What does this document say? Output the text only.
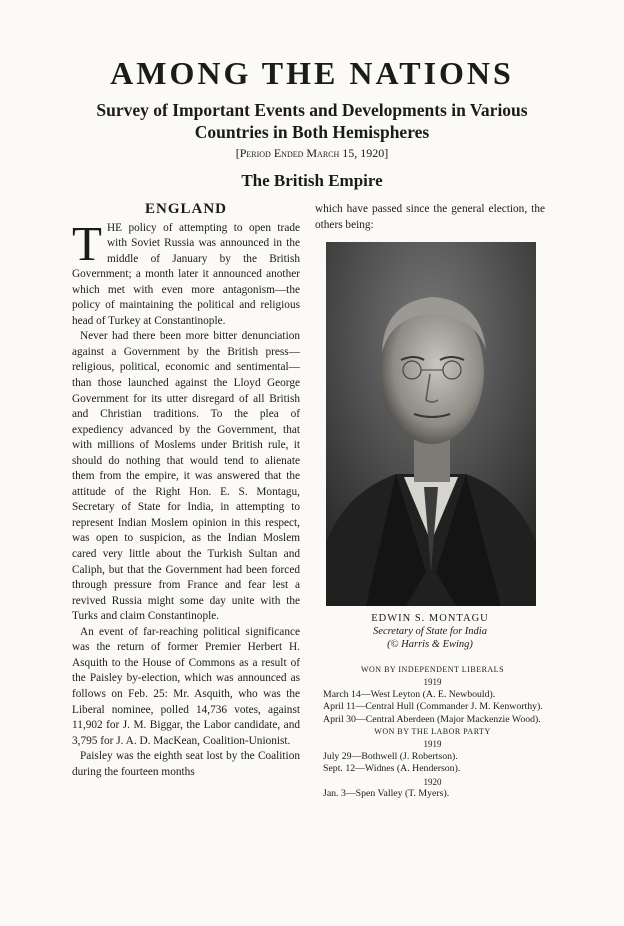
AMONG THE NATIONS
Survey of Important Events and Developments in Various
Countries in Both Hemispheres
[Period Ended March 15, 1920]
The British Empire
ENGLAND

THE policy of attempting to open trade with Soviet Russia was announced in the middle of January by the British Government; a month later it announced another which met with even more antagonism—the policy of maintaining the political and religious head of Turkey at Constantinople.

Never had there been more bitter denunciation against a Government by the British press—religious, political, economic and sentimental—than those launched against the Lloyd George Government for its utter disregard of all British and Christian traditions. To the plea of expediency advanced by the Government, that with millions of Moslems under British rule, it should do nothing that would tend to alienate them from the empire, it was answered that the attitude of the Right Hon. E. S. Montagu, Secretary of State for India, in attempting to represent Indian Moslem opinion in this respect, was open to suspicion, as the Indian Moslem cared very little about the Turkish Sultan and Caliph, but that the Government had been forced through pressure from France and fear lest a revived Russia might some day unite with the Turks and claim Constantinople.

An event of far-reaching political significance was the return of former Premier Herbert H. Asquith to the House of Commons as a result of the Paisley by-election, which was announced as follows on Feb. 25: Mr. Asquith, who was the Liberal nominee, polled 14,736 votes, against 11,902 for J. M. Biggar, the Labor candidate, and 3,795 for J. A. D. MacKean, Coalition-Unionist.

Paisley was the eighth seat lost by the Coalition during the fourteen months

which have passed since the general election, the others being:

EDWIN S. MONTAGU
Secretary of State for India
(© Harris & Ewing)
WON BY INDEPENDENT LIBERALS
1919
March 14—West Leyton (A. E. Newbould).
April 11—Central Hull (Commander J. M. Kenworthy).
April 30—Central Aberdeen (Major Mackenzie Wood).
WON BY THE LABOR PARTY
1919
July 29—Bothwell (J. Robertson).
Sept. 12—Widnes (A. Henderson).
1920
Jan. 3—Spen Valley (T. Myers).
